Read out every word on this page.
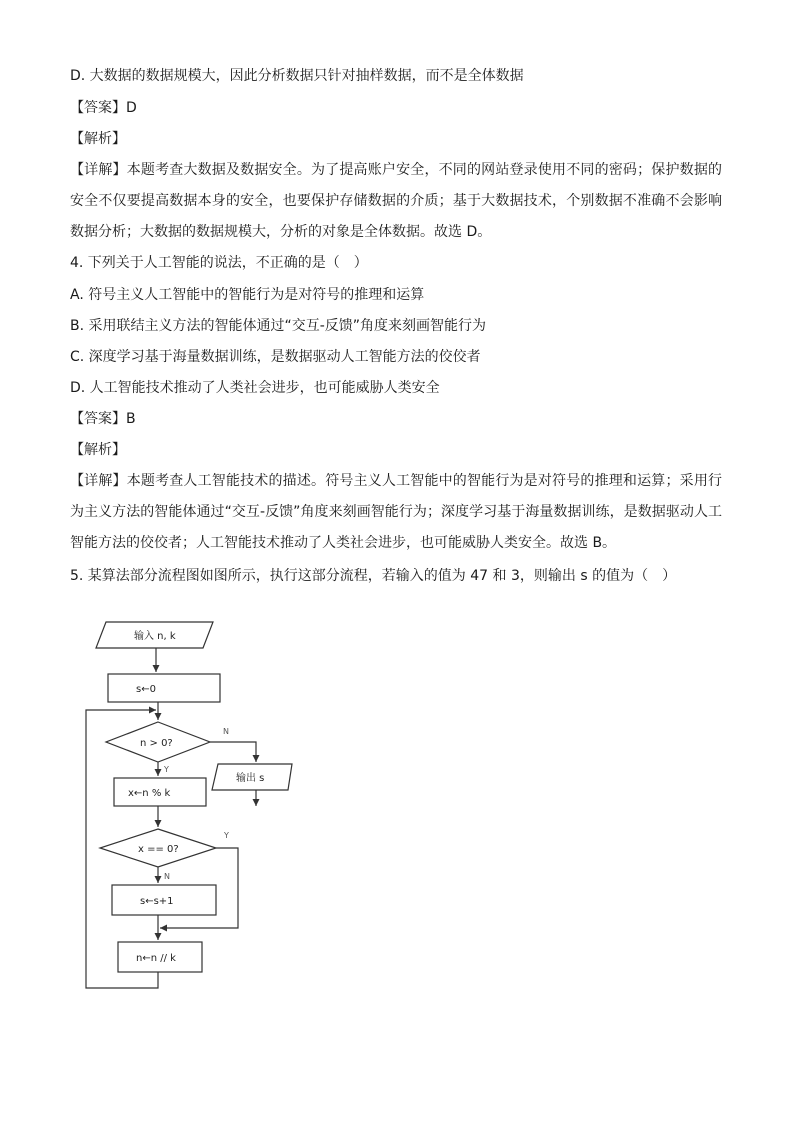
D. 大数据的数据规模大，因此分析数据只针对抽样数据，而不是全体数据
【答案】D
【解析】
【详解】本题考查大数据及数据安全。为了提高账户安全，不同的网站登录使用不同的密码；保护数据的安全不仅要提高数据本身的安全，也要保护存储数据的介质；基于大数据技术，个别数据不准确不会影响数据分析；大数据的数据规模大，分析的对象是全体数据。故选 D。
4. 下列关于人工智能的说法，不正确的是（　）
A. 符号主义人工智能中的智能行为是对符号的推理和运算
B. 采用联结主义方法的智能体通过“交互-反馈”角度来刻画智能行为
C. 深度学习基于海量数据训练，是数据驱动人工智能方法的佼佼者
D. 人工智能技术推动了人类社会进步，也可能威胁人类安全
【答案】B
【解析】
【详解】本题考查人工智能技术的描述。符号主义人工智能中的智能行为是对符号的推理和运算；采用行为主义方法的智能体通过“交互-反馈”角度来刻画智能行为；深度学习基于海量数据训练，是数据驱动人工智能方法的佼佼者；人工智能技术推动了人类社会进步，也可能威胁人类安全。故选 B。
5. 某算法部分流程图如图所示，执行这部分流程，若输入的值为 47 和 3，则输出 s 的值为（　）
输入 n, k
s←0
n > 0?
N
Y
输出 s
x←n % k
x == 0?
Y
N
s←s+1
n←n // k
